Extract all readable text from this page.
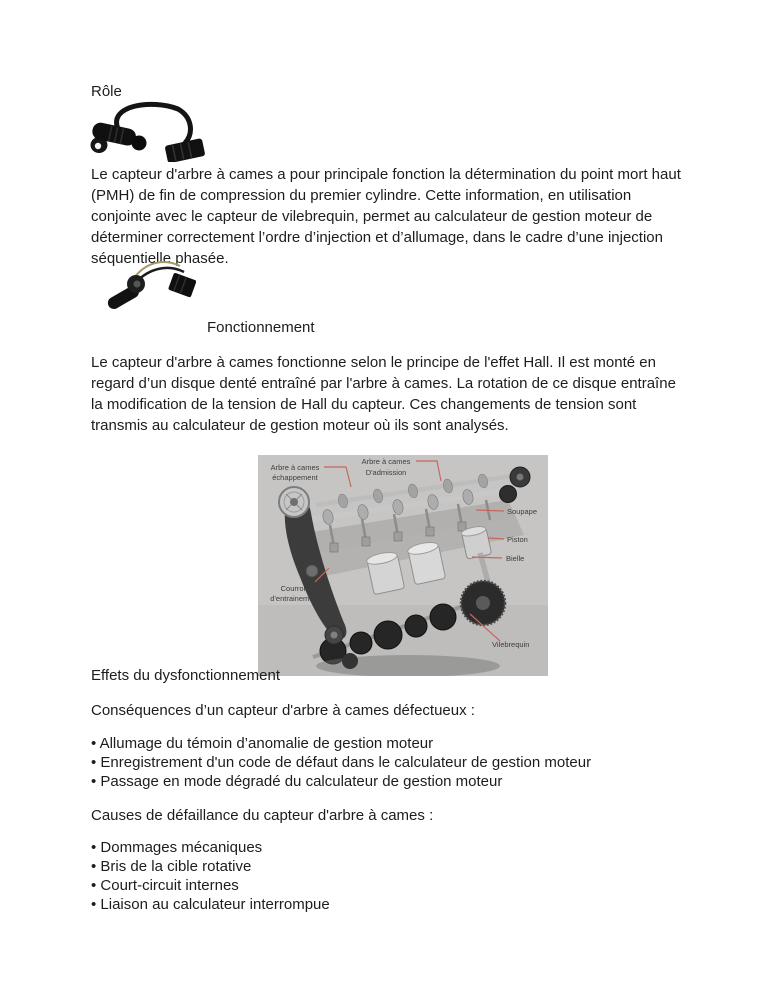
Rôle
Le capteur d'arbre à cames a pour principale fonction la détermination du point mort haut (PMH) de fin de compression du premier cylindre. Cette information, en utilisation conjointe avec le capteur de vilebrequin, permet au calculateur de gestion moteur de déterminer correctement l’ordre d’injection et d’allumage, dans le cadre d’une injection séquentielle phasée.
Fonctionnement
Le capteur d'arbre à cames fonctionne selon le principe de l'effet Hall. Il est monté en regard d’un disque denté entraîné par l'arbre à cames. La rotation de ce disque entraîne la modification de la tension de Hall du capteur. Ces changements de tension sont transmis au calculateur de gestion moteur où ils sont analysés.
Arbre à cames
échappement
Arbre à cames
D'admission
Soupape
Piston
Bielle
Courroie
d'entrainement
Vilebrequin
Effets du dysfonctionnement
Conséquences d’un capteur d'arbre à cames défectueux :
• Allumage du témoin d’anomalie de gestion moteur
• Enregistrement d'un code de défaut dans le calculateur de gestion moteur
• Passage en mode dégradé du calculateur de gestion moteur
Causes de défaillance du capteur d'arbre à cames :
• Dommages mécaniques
• Bris de la cible rotative
• Court-circuit internes
• Liaison au calculateur interrompue
